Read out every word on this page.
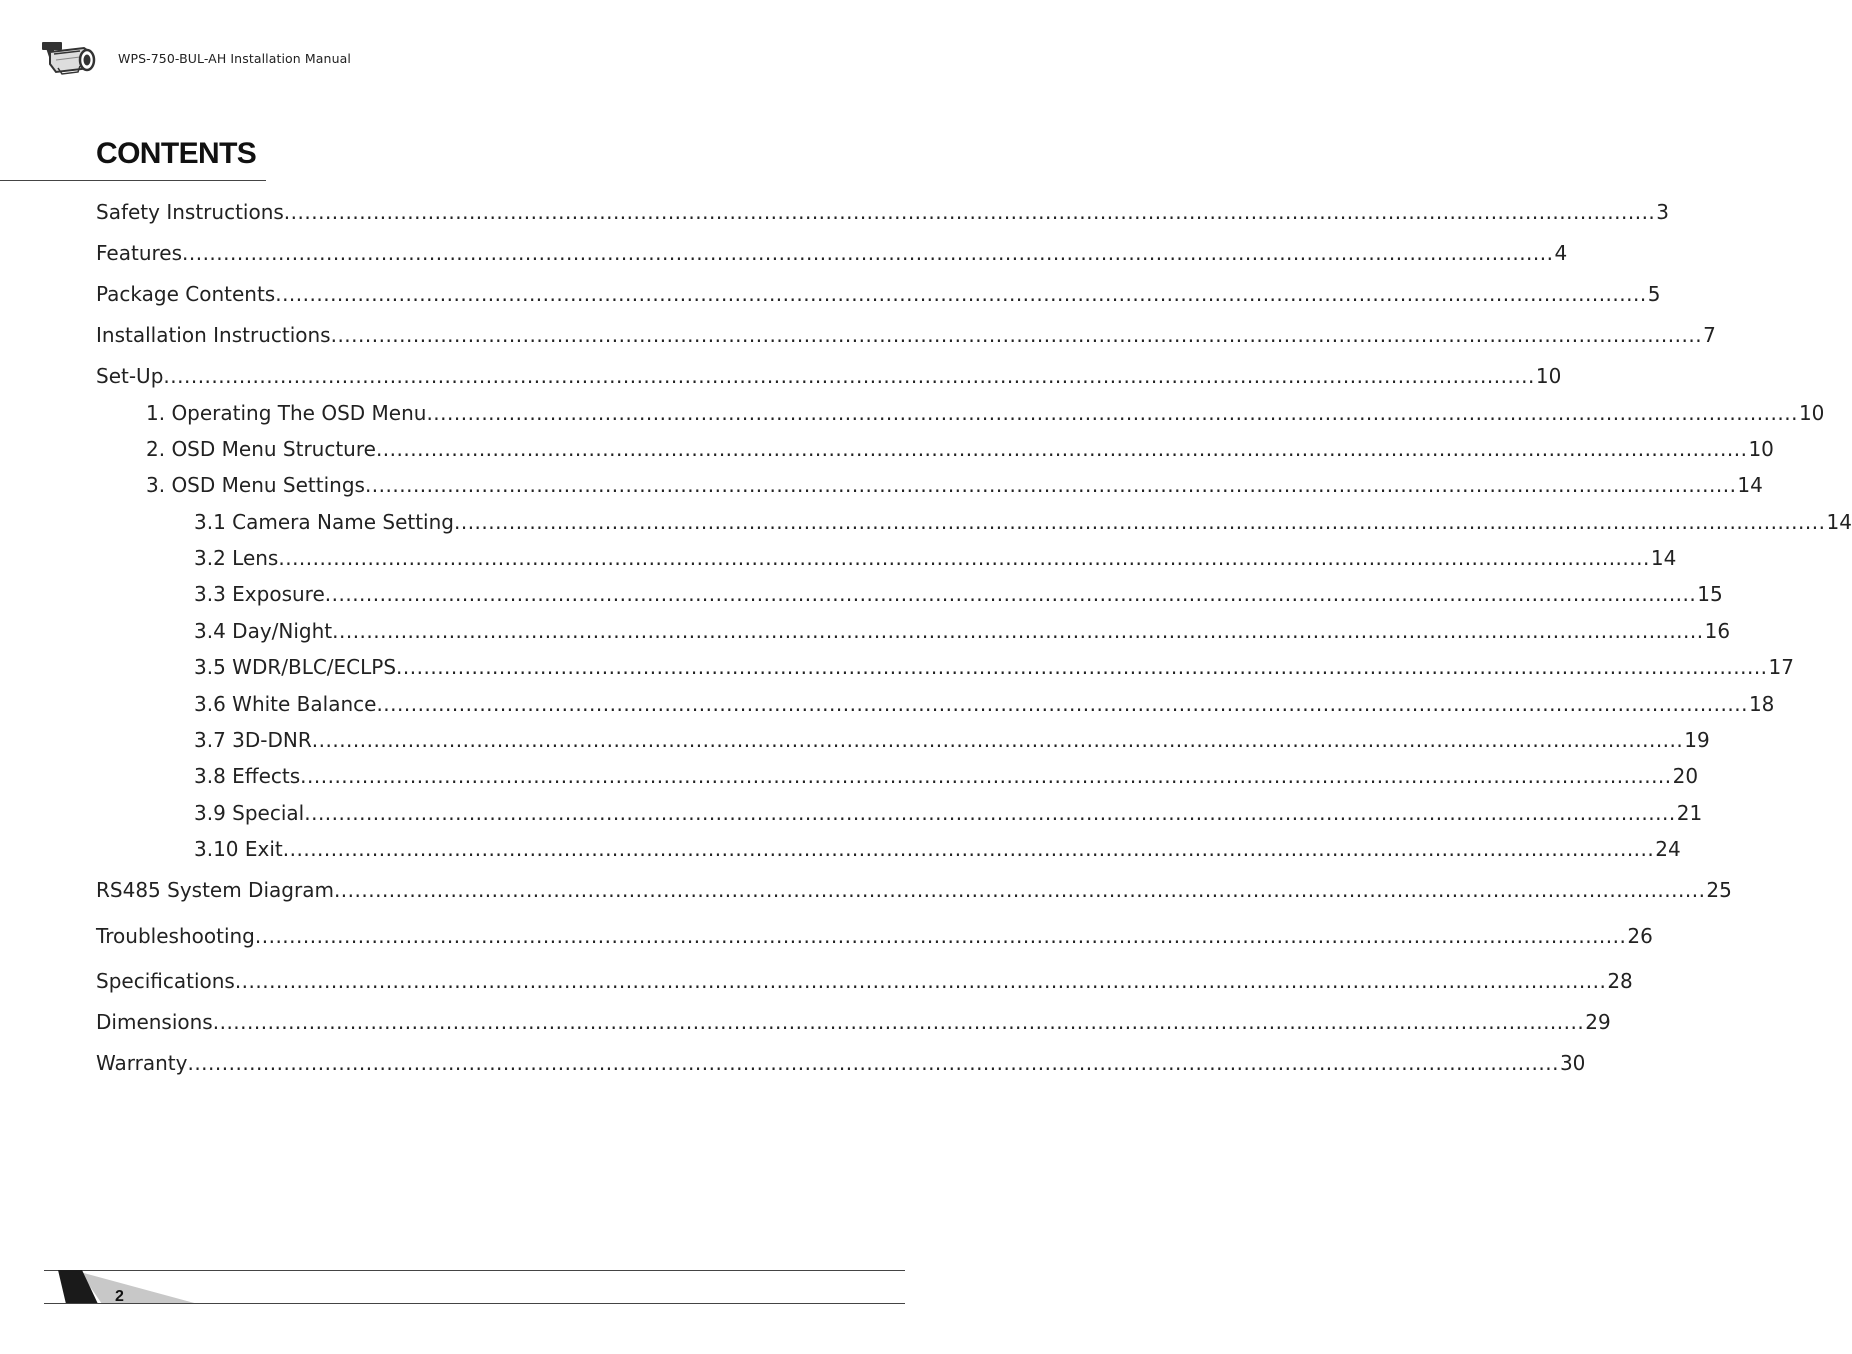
WPS-750-BUL-AH Installation Manual
CONTENTS
Safety Instructions ........................................................................................................................................................................................................ 3
Features ........................................................................................................................................................................................................ 4
Package Contents ........................................................................................................................................................................................................ 5
Installation Instructions ........................................................................................................................................................................................................ 7
Set-Up ........................................................................................................................................................................................................ 10
1. Operating The OSD Menu ........................................................................................................................................................................................................ 10
2. OSD Menu Structure ........................................................................................................................................................................................................ 10
3. OSD Menu Settings ........................................................................................................................................................................................................ 14
3.1 Camera Name Setting ........................................................................................................................................................................................................ 14
3.2 Lens ........................................................................................................................................................................................................ 14
3.3 Exposure ........................................................................................................................................................................................................ 15
3.4 Day/Night ........................................................................................................................................................................................................ 16
3.5 WDR/BLC/ECLPS ........................................................................................................................................................................................................ 17
3.6 White Balance ........................................................................................................................................................................................................ 18
3.7 3D-DNR ........................................................................................................................................................................................................ 19
3.8 Effects ........................................................................................................................................................................................................ 20
3.9 Special ........................................................................................................................................................................................................ 21
3.10 Exit ........................................................................................................................................................................................................ 24
RS485 System Diagram ........................................................................................................................................................................................................ 25
Troubleshooting ........................................................................................................................................................................................................ 26
Specifications ........................................................................................................................................................................................................ 28
Dimensions ........................................................................................................................................................................................................ 29
Warranty ........................................................................................................................................................................................................ 30
2
